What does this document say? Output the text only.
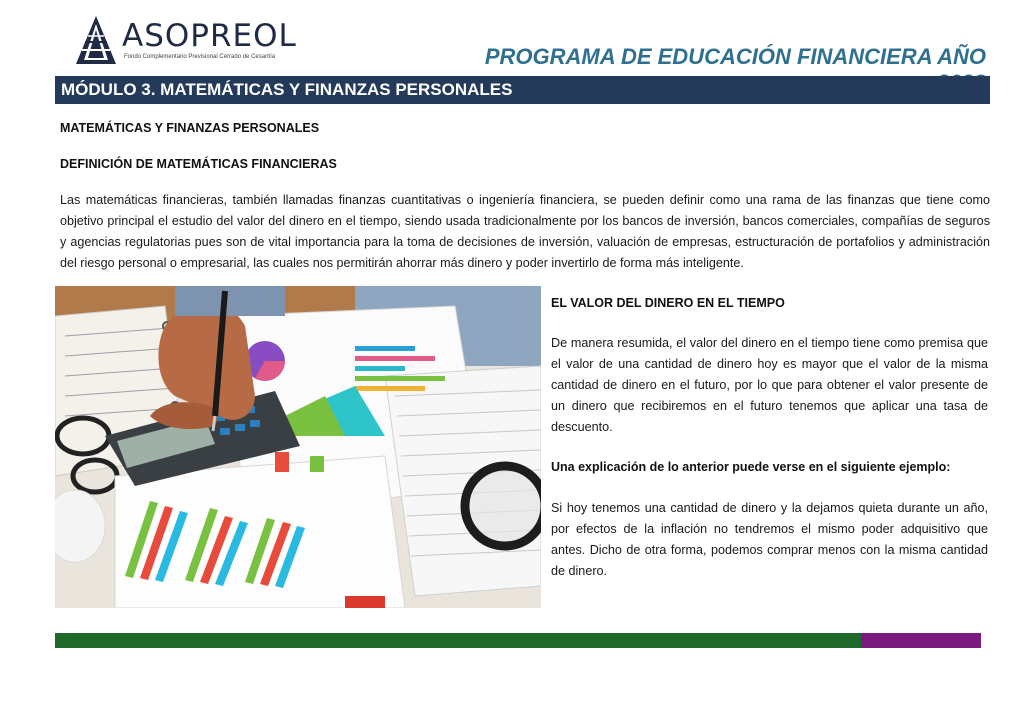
ASOPREOL
Fondo Complementario Previsional Cerrado de Cesantía	PROGRAMA DE EDUCACIÓN FINANCIERA AÑO
MÓDULO 3. MATEMÁTICAS Y FINANZAS PERSONALES
MATEMÁTICAS Y FINANZAS PERSONALES
DEFINICIÓN DE MATEMÁTICAS FINANCIERAS
Las matemáticas financieras, también llamadas finanzas cuantitativas o ingeniería financiera, se pueden definir como una rama de las finanzas que tiene como objetivo principal el estudio del valor del dinero en el tiempo, siendo usada tradicionalmente por los bancos de inversión, bancos comerciales, compañías de seguros y agencias regulatorias pues son de vital importancia para la toma de decisiones de inversión, valuación de empresas, estructuración de portafolios y administración del riesgo personal o empresarial, las cuales nos permitirán ahorrar más dinero y poder invertirlo de forma más inteligente.
EL VALOR DEL DINERO EN EL TIEMPO
De manera resumida, el valor del dinero en el tiempo tiene como premisa que el valor de una cantidad de dinero hoy es mayor que el valor de la misma cantidad de dinero en el futuro, por lo que para obtener el valor presente de un dinero que recibiremos en el futuro tenemos que aplicar una tasa de descuento.
Una explicación de lo anterior puede verse en el siguiente ejemplo:
Si hoy tenemos una cantidad de dinero y la dejamos quieta durante un año, por efectos de la inflación no tendremos el mismo poder adquisitivo que antes. Dicho de otra forma, podemos comprar menos con la misma cantidad de dinero.
